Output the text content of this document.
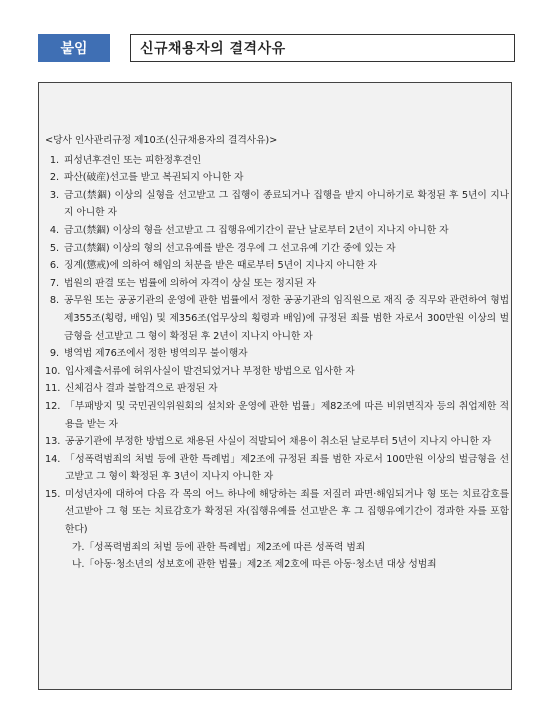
붙임	신규채용자의 결격사유
<당사 인사관리규정 제10조(신규채용자의 결격사유)>
1. 피성년후견인 또는 피한정후견인
2. 파산(破産)선고를 받고 복권되지 아니한 자
3. 금고(禁錮) 이상의 실형을 선고받고 그 집행이 종료되거나 집행을 받지 아니하기로 확정된 후 5년이 지나지 아니한 자
4. 금고(禁錮) 이상의 형을 선고받고 그 집행유예기간이 끝난 날로부터 2년이 지나지 아니한 자
5. 금고(禁錮) 이상의 형의 선고유예를 받은 경우에 그 선고유예 기간 중에 있는 자
6. 징계(懲戒)에 의하여 해임의 처분을 받은 때로부터 5년이 지나지 아니한 자
7. 법원의 판결 또는 법률에 의하여 자격이 상실 또는 정지된 자
8. 공무원 또는 공공기관의 운영에 관한 법률에서 정한 공공기관의 임직원으로 재직 중 직무와 관련하여 형법 제355조(횡령, 배임) 및 제356조(업무상의 횡령과 배임)에 규정된 죄를 범한 자로서 300만원 이상의 벌금형을 선고받고 그 형이 확정된 후 2년이 지나지 아니한 자
9. 병역법 제76조에서 정한 병역의무 불이행자
10. 입사제출서류에 허위사실이 발견되었거나 부정한 방법으로 입사한 자
11. 신체검사 결과 불합격으로 판정된 자
12. 「부패방지 및 국민권익위원회의 설치와 운영에 관한 법률」제82조에 따른 비위면직자 등의 취업제한 적용을 받는 자
13. 공공기관에 부정한 방법으로 채용된 사실이 적발되어 채용이 취소된 날로부터 5년이 지나지 아니한 자
14. 「성폭력범죄의 처벌 등에 관한 특례법」제2조에 규정된 죄를 범한 자로서 100만원 이상의 벌금형을 선고받고 그 형이 확정된 후 3년이 지나지 아니한 자
15. 미성년자에 대하여 다음 각 목의 어느 하나에 해당하는 죄를 저질러 파면·해임되거나 형 또는 치료감호를 선고받아 그 형 또는 치료감호가 확정된 자(집행유예를 선고받은 후 그 집행유예기간이 경과한 자를 포함한다)
가.「성폭력범죄의 처벌 등에 관한 특례법」제2조에 따른 성폭력 범죄
나.「아동·청소년의 성보호에 관한 법률」제2조 제2호에 따른 아동·청소년 대상 성범죄
